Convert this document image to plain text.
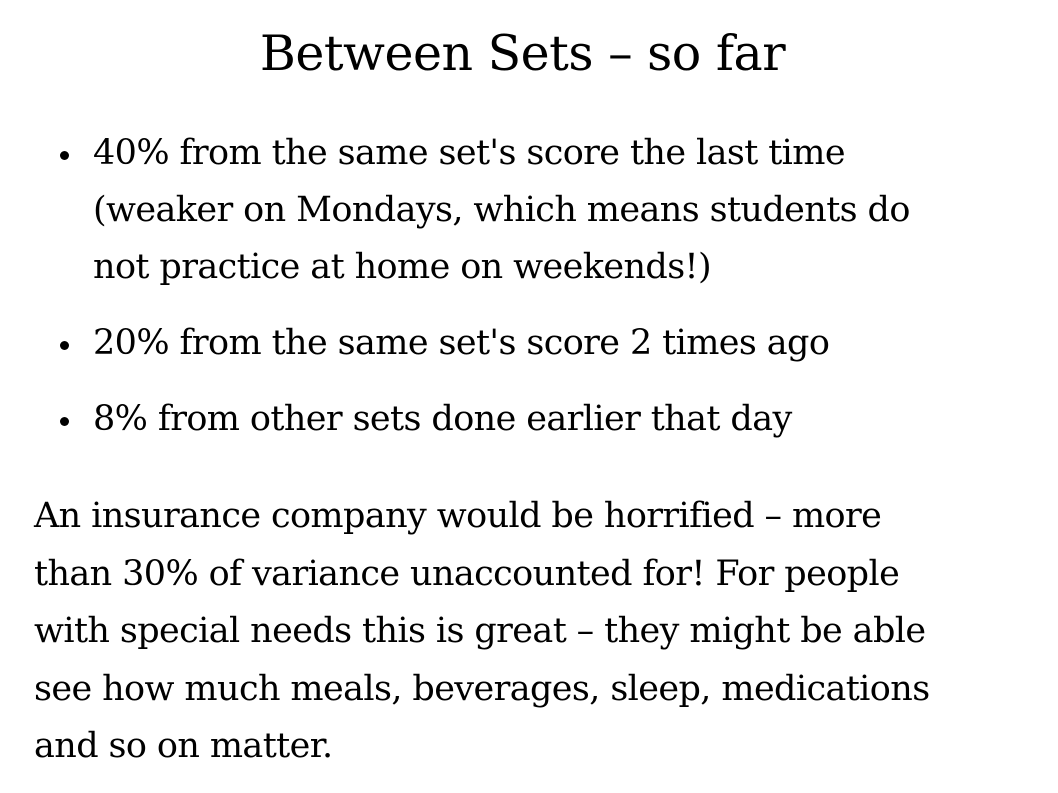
Between Sets – so far
40% from the same set's score the last time
(weaker on Mondays, which means students do
not practice at home on weekends!)
20% from the same set's score 2 times ago
8% from other sets done earlier that day

An insurance company would be horrified – more
than 30% of variance unaccounted for! For people
with special needs this is great – they might be able
see how much meals, beverages, sleep, medications
and so on matter.
